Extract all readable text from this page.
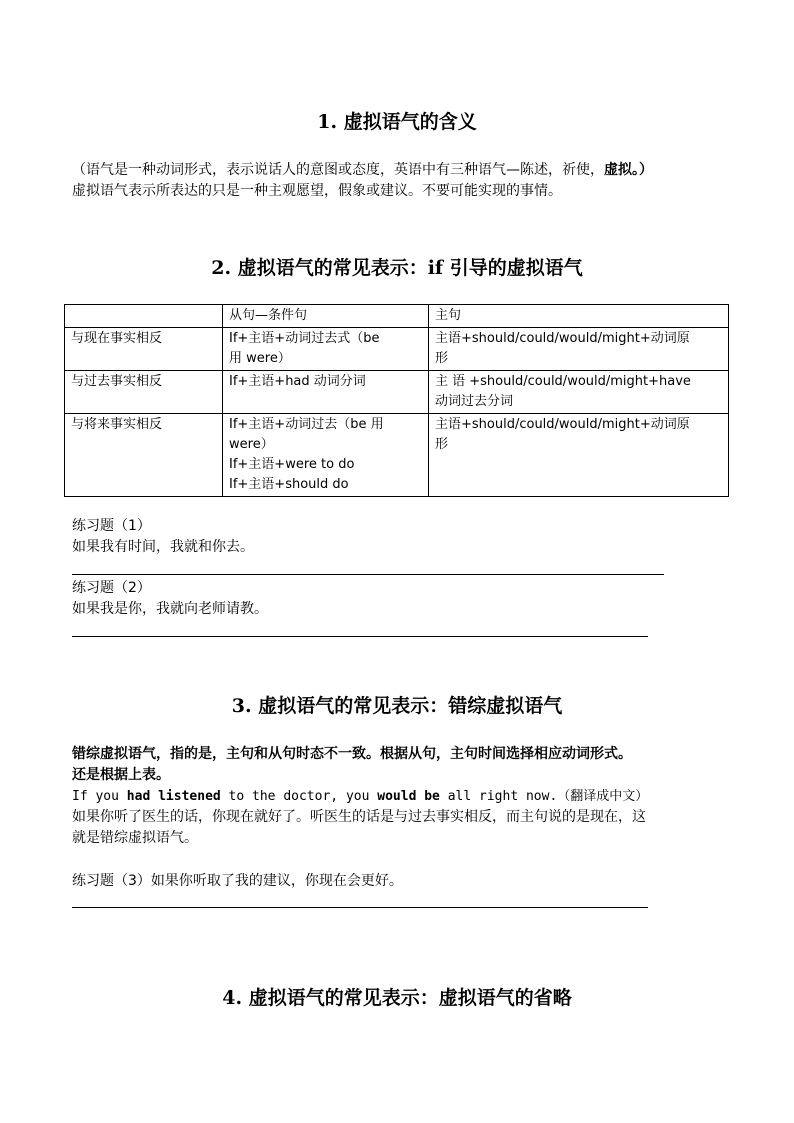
1. 虚拟语气的含义
（语气是一种动词形式，表示说话人的意图或态度，英语中有三种语气—陈述，祈使，虚拟。）
虚拟语气表示所表达的只是一种主观愿望，假象或建议。不要可能实现的事情。
2. 虚拟语气的常见表示：if 引导的虚拟语气
	从句—条件句	主句
与现在事实相反	If+主语+动词过去式（be
用 were）	主语+should/could/would/might+动词原
形

与过去事实相反	If+主语+had 动词分词	主 语 +should/could/would/might+have
动词过去分词

与将来事实相反	If+主语+动词过去（be 用
were）
If+主语+were to do
If+主语+should do	主语+should/could/would/might+动词原
形
练习题（1）
如果我有时间，我就和你去。
练习题（2）
如果我是你，我就向老师请教。
3. 虚拟语气的常见表示：错综虚拟语气
错综虚拟语气，指的是，主句和从句时态不一致。根据从句，主句时间选择相应动词形式。
还是根据上表。
If you had listened to the doctor, you would be all right now.（翻译成中文）
如果你听了医生的话，你现在就好了。听医生的话是与过去事实相反，而主句说的是现在，这
就是错综虚拟语气。
练习题（3）如果你听取了我的建议，你现在会更好。
4. 虚拟语气的常见表示：虚拟语气的省略
